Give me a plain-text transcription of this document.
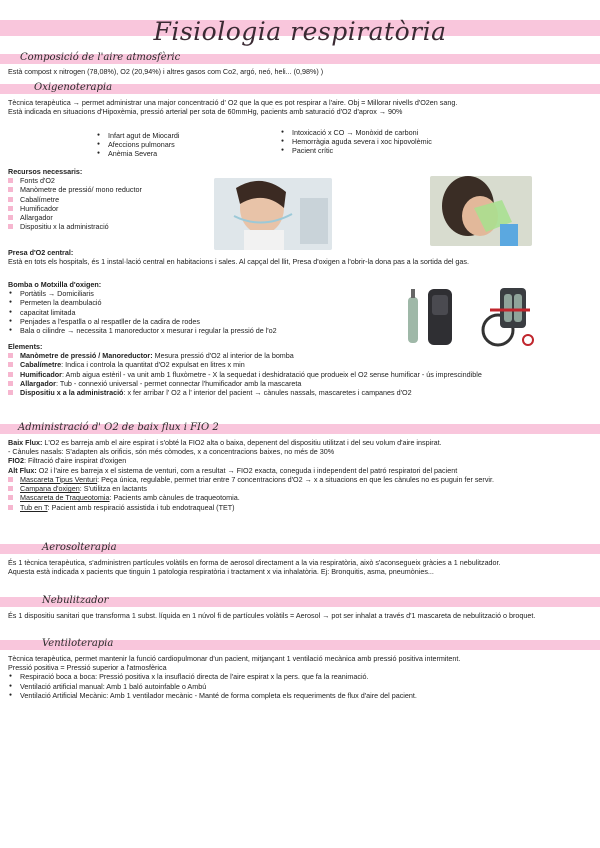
Fisiologia respiratòria
Composició de l'aire atmosfèric
Està compost x nitrogen (78,08%), O2 (20,94%) i altres gasos com Co2, argó, neó, heli... (0,98%) )
Oxigenoterapia
Tècnica terapèutica → permet administrar una major concentració d' O2 que la que es pot respirar a l'aire. Obj = Millorar nivells d'O2en sang.
Està indicada en situacions d'Hipoxèmia, pressió arterial per sota de 60mmHg, pacients amb saturació d'O2 d'aprox → 90%
● Infart agut de Miocardi
● Afeccions pulmonars
● Anèmia Severa
● Intoxicació x CO → Monòxid de carboni
● Hemorràgia aguda severa i xoc hipovolèmic
● Pacient crític
Recursos necessaris:
Fonts d'O2
Manòmetre de pressió/ mono reductor
Cabalímetre
Humificador
Allargador
Dispositiu x la administració
Presa d'O2 central:
Està en tots els hospitals, és 1 instal·lació central en habitacions i sales. Al capçal del llit, Presa d'oxigen a l'obrir-la dona pas a la sortida del gas.
Bomba o Motxilla d'oxigen:
● Portàtils → Domiciliaris
● Permeten la deambulació
● capacitat limitada
● Penjades a l'espatlla o al respatller de la cadira de rodes
● Bala o cilindre → necessita 1 manoreductor x mesurar i regular la pressió de l'o2
Elements:
Manòmetre de pressió / Manoreductor: Mesura pressió d'O2 al interior de la bomba
Cabalímetre: Indica i controla la quantitat d'O2 expulsat en litres x min
Humificador: Amb aigua estèril - va unit amb 1 fluxòmetre - X la sequedat i deshidratació que produeix el O2 sense humificar - ús imprescindible
Allargador: Tub - connexió universal - permet connectar l'humificador amb la mascareta
Dispositiu x a la administració: x fer arribar l' O2 a l' interior del pacient → cànules nassals, mascaretes i campanes d'O2
Administració d' O2 de baix flux i FIO 2
Baix Flux: L'O2 es barreja amb el aire espirat i s'obté la FIO2 alta o baixa, depenent del dispositiu utilitzat i del seu volum d'aire inspirat.
- Cànules nasals: S'adapten als orificis, són més còmodes, x a concentracions baixes, no més de 30%
FIO2: Filtració d'aire inspirat d'oxigen
Alt Flux: O2 i l'aire es barreja x el sistema de venturi, com a resultat → FIO2 exacta, coneguda i independent del patró respiratori del pacient
Mascareta Tipus Venturi: Peça única, regulable, permet triar entre 7 concentracions d'O2 → x a situacions en que les cànules no es puguin fer servir.
Campana d'oxigen: S'utilitza en lactants
Mascareta de Traqueotomia: Pacients amb cànules de traqueotomia.
Tub en T: Pacient amb respiració assistida i tub endotraqueal (TET)
Aerosolterapia
És 1 tècnica terapèutica, s'administren partícules volàtils en forma de aerosol directament a la via respiratòria, això s'aconsegueix gràcies a 1 nebulitzador.
Aquesta està indicada x pacients que tinguin 1 patologia respiratòria i tractament x via inhalatòria. Ej: Bronquitis, asma, pneumònies...
Nebulitzador
És 1 dispositiu sanitari que transforma 1 subst. líquida en 1 núvol fi de partícules volàtils = Aerosol → pot ser inhalat a través d'1 mascareta de nebulització o broquet.
Ventiloterapia
Tècnica terapèutica, permet mantenir la funció cardiopulmonar d'un pacient, mitjançant 1 ventilació mecànica amb pressió positiva intermitent.
Pressió positiva = Pressió superior a l'atmosfèrica
● Respiració boca a boca: Pressió positiva x la insuflació directa de l'aire espirat x la pers. que fa la reanimació.
● Ventilació artificial manual: Amb 1 baló autoinfable o Ambú
● Ventilació Artificial Mecànic: Amb 1 ventilador mecànic - Manté de forma completa els requeriments de flux d'aire del pacient.
